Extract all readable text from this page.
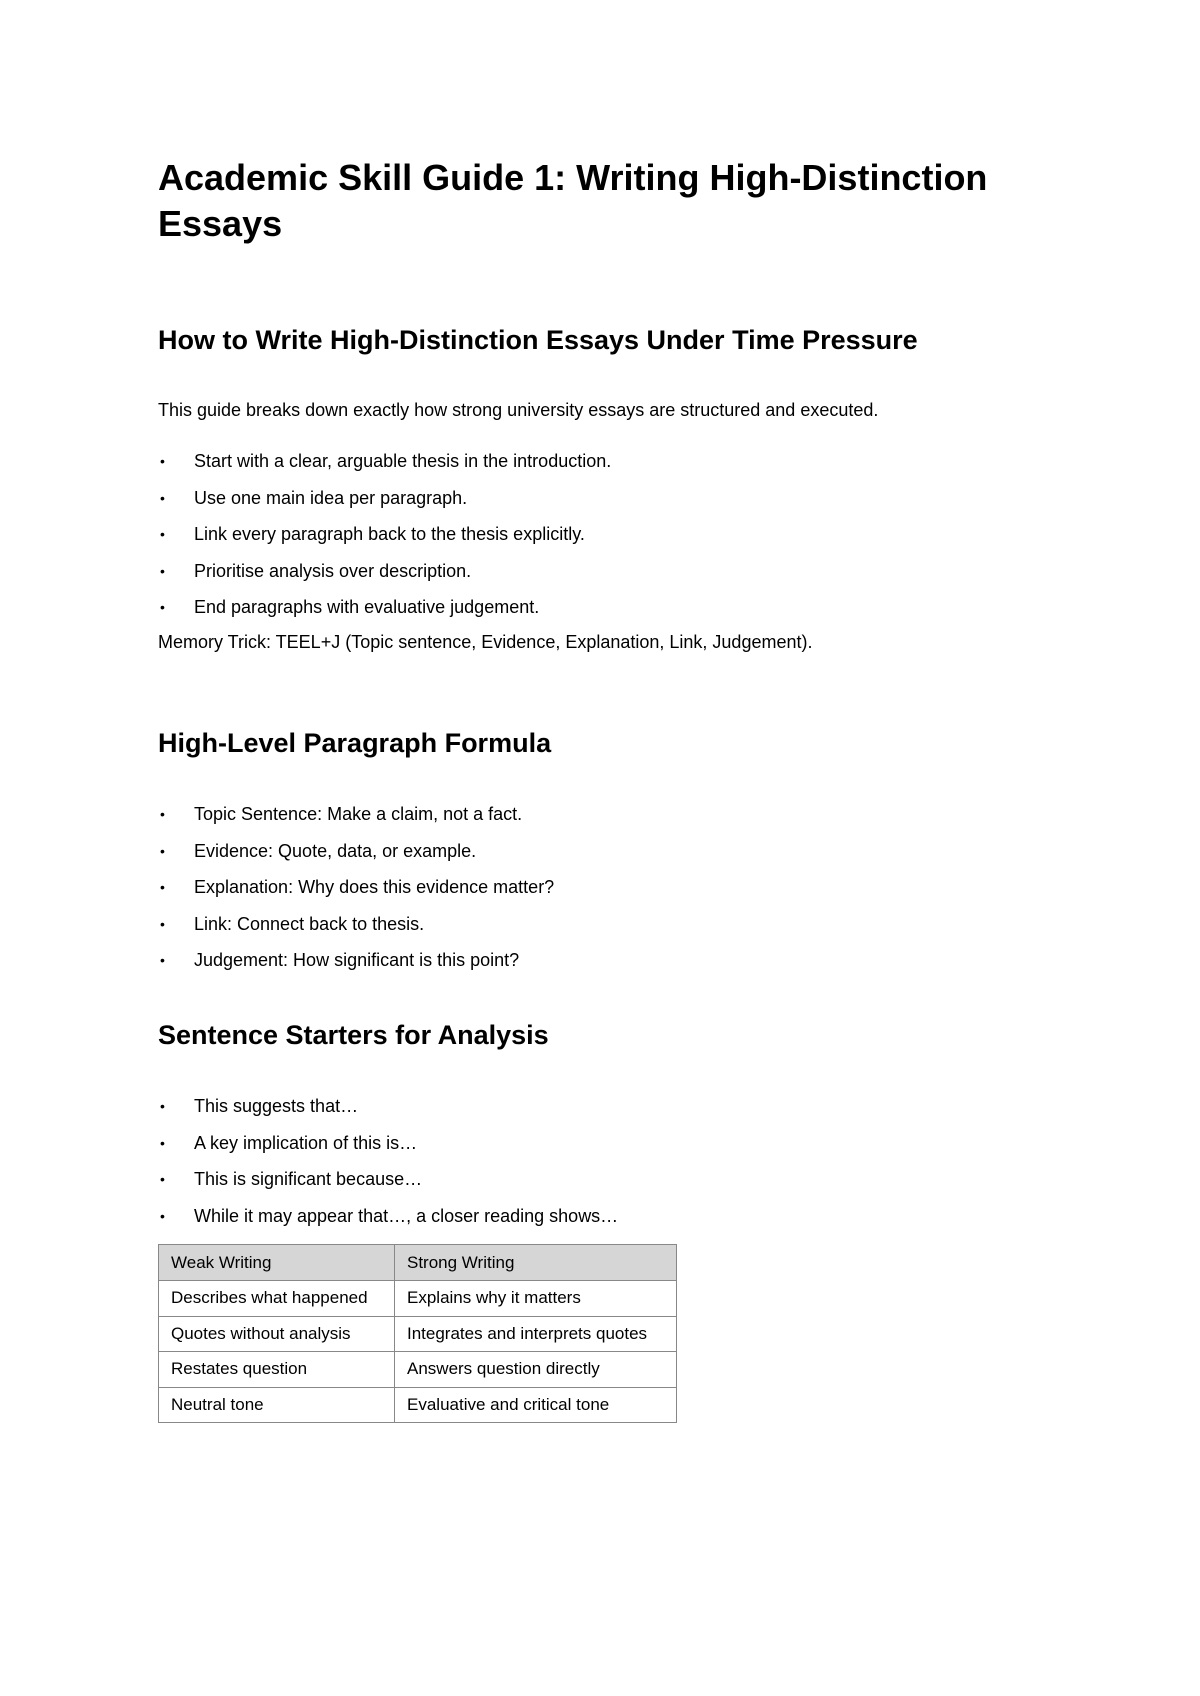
Academic Skill Guide 1: Writing High-Distinction Essays
How to Write High-Distinction Essays Under Time Pressure

This guide breaks down exactly how strong university essays are structured and executed.

• Start with a clear, arguable thesis in the introduction.
• Use one main idea per paragraph.
• Link every paragraph back to the thesis explicitly.
• Prioritise analysis over description.
• End paragraphs with evaluative judgement.

Memory Trick: TEEL+J (Topic sentence, Evidence, Explanation, Link, Judgement).

High-Level Paragraph Formula
• Topic Sentence: Make a claim, not a fact.
• Evidence: Quote, data, or example.
• Explanation: Why does this evidence matter?
• Link: Connect back to thesis.
• Judgement: How significant is this point?
Sentence Starters for Analysis
• This suggests that…
• A key implication of this is…
• This is significant because…
• While it may appear that…, a closer reading shows…
Weak Writing	Strong Writing
Describes what happened	Explains why it matters
Quotes without analysis	Integrates and interprets quotes
Restates question	Answers question directly
Neutral tone	Evaluative and critical tone
